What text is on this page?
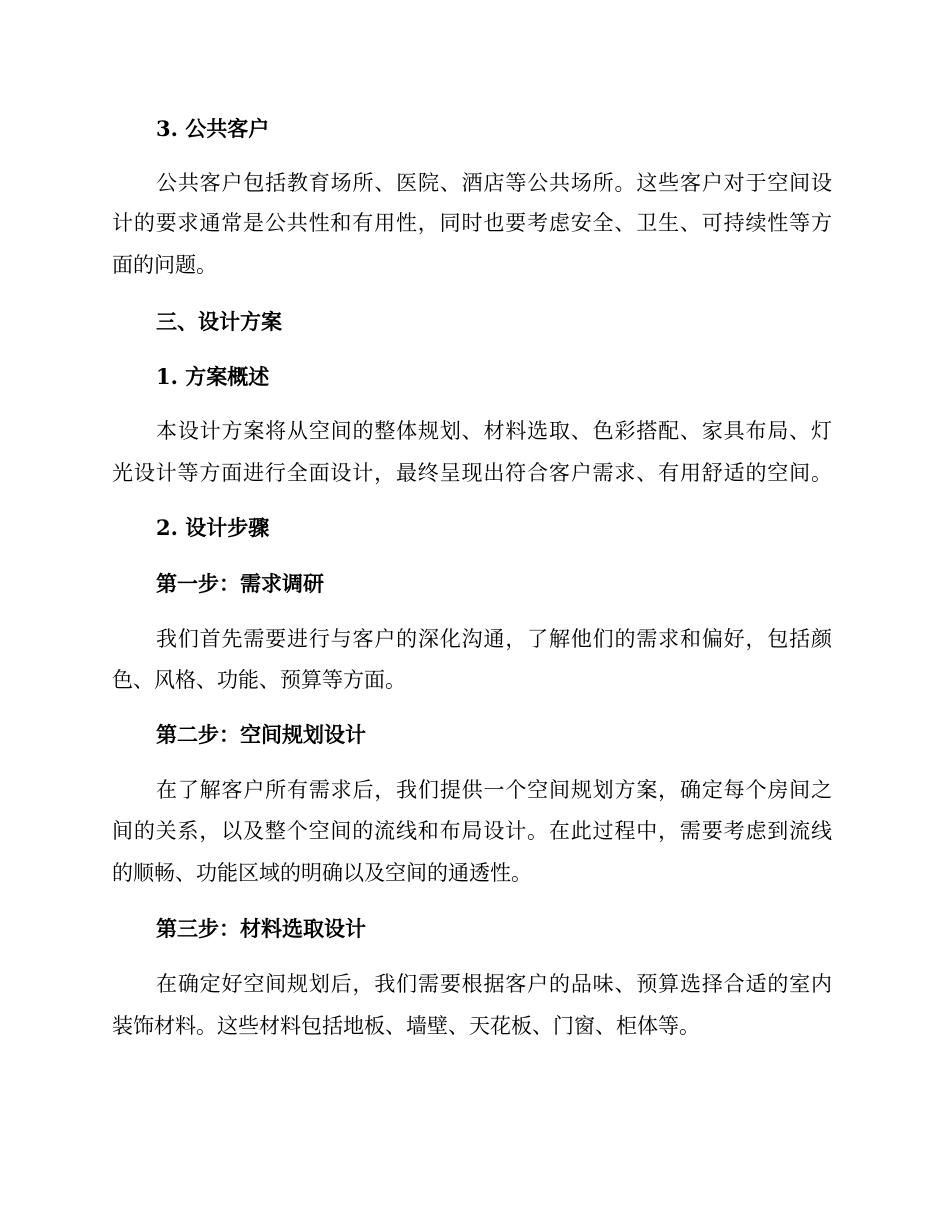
3. 公共客户
公共客户包括教育场所、医院、酒店等公共场所。这些客户对于空间设
计的要求通常是公共性和有用性，同时也要考虑安全、卫生、可持续性等方
面的问题。
三、设计方案
1. 方案概述
本设计方案将从空间的整体规划、材料选取、色彩搭配、家具布局、灯
光设计等方面进行全面设计，最终呈现出符合客户需求、有用舒适的空间。
2. 设计步骤
第一步：需求调研
我们首先需要进行与客户的深化沟通，了解他们的需求和偏好，包括颜
色、风格、功能、预算等方面。
第二步：空间规划设计
在了解客户所有需求后，我们提供一个空间规划方案，确定每个房间之
间的关系，以及整个空间的流线和布局设计。在此过程中，需要考虑到流线
的顺畅、功能区域的明确以及空间的通透性。
第三步：材料选取设计
在确定好空间规划后，我们需要根据客户的品味、预算选择合适的室内
装饰材料。这些材料包括地板、墙壁、天花板、门窗、柜体等。
